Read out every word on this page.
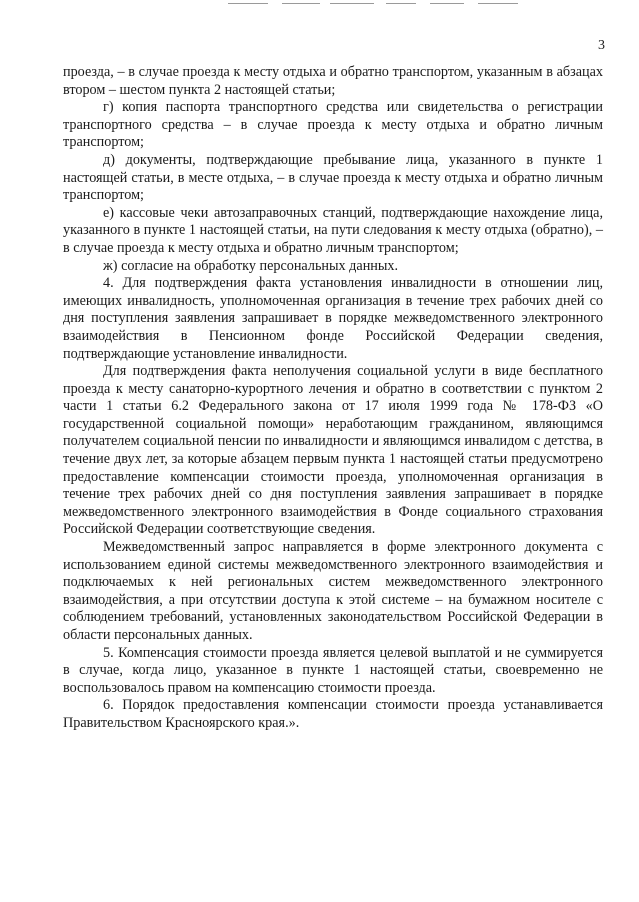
3

проезда, – в случае проезда к месту отдыха и обратно транспортом, указанным в абзацах втором – шестом пункта 2 настоящей статьи;

г) копия паспорта транспортного средства или свидетельства о регистрации транспортного средства – в случае проезда к месту отдыха и обратно личным транспортом;

д) документы, подтверждающие пребывание лица, указанного в пункте 1 настоящей статьи, в месте отдыха, – в случае проезда к месту отдыха и обратно личным транспортом;

е) кассовые чеки автозаправочных станций, подтверждающие нахождение лица, указанного в пункте 1 настоящей статьи, на пути следования к месту отдыха (обратно), – в случае проезда к месту отдыха и обратно личным транспортом;

ж) согласие на обработку персональных данных.

4. Для подтверждения факта установления инвалидности в отношении лиц, имеющих инвалидность, уполномоченная организация в течение трех рабочих дней со дня поступления заявления запрашивает в порядке межведомственного электронного взаимодействия в Пенсионном фонде Российской Федерации сведения, подтверждающие установление инвалидности.

Для подтверждения факта неполучения социальной услуги в виде бесплатного проезда к месту санаторно-курортного лечения и обратно в соответствии с пунктом 2 части 1 статьи 6.2 Федерального закона от 17 июля 1999 года № 178-ФЗ «О государственной социальной помощи» неработающим гражданином, являющимся получателем социальной пенсии по инвалидности и являющимся инвалидом с детства, в течение двух лет, за которые абзацем первым пункта 1 настоящей статьи предусмотрено предоставление компенсации стоимости проезда, уполномоченная организация в течение трех рабочих дней со дня поступления заявления запрашивает в порядке межведомственного электронного взаимодействия в Фонде социального страхования Российской Федерации соответствующие сведения.

Межведомственный запрос направляется в форме электронного документа с использованием единой системы межведомственного электронного взаимодействия и подключаемых к ней региональных систем межведомственного электронного взаимодействия, а при отсутствии доступа к этой системе – на бумажном носителе с соблюдением требований, установленных законодательством Российской Федерации в области персональных данных.

5. Компенсация стоимости проезда является целевой выплатой и не суммируется в случае, когда лицо, указанное в пункте 1 настоящей статьи, своевременно не воспользовалось правом на компенсацию стоимости проезда.

6. Порядок предоставления компенсации стоимости проезда устанавливается Правительством Красноярского края.».
